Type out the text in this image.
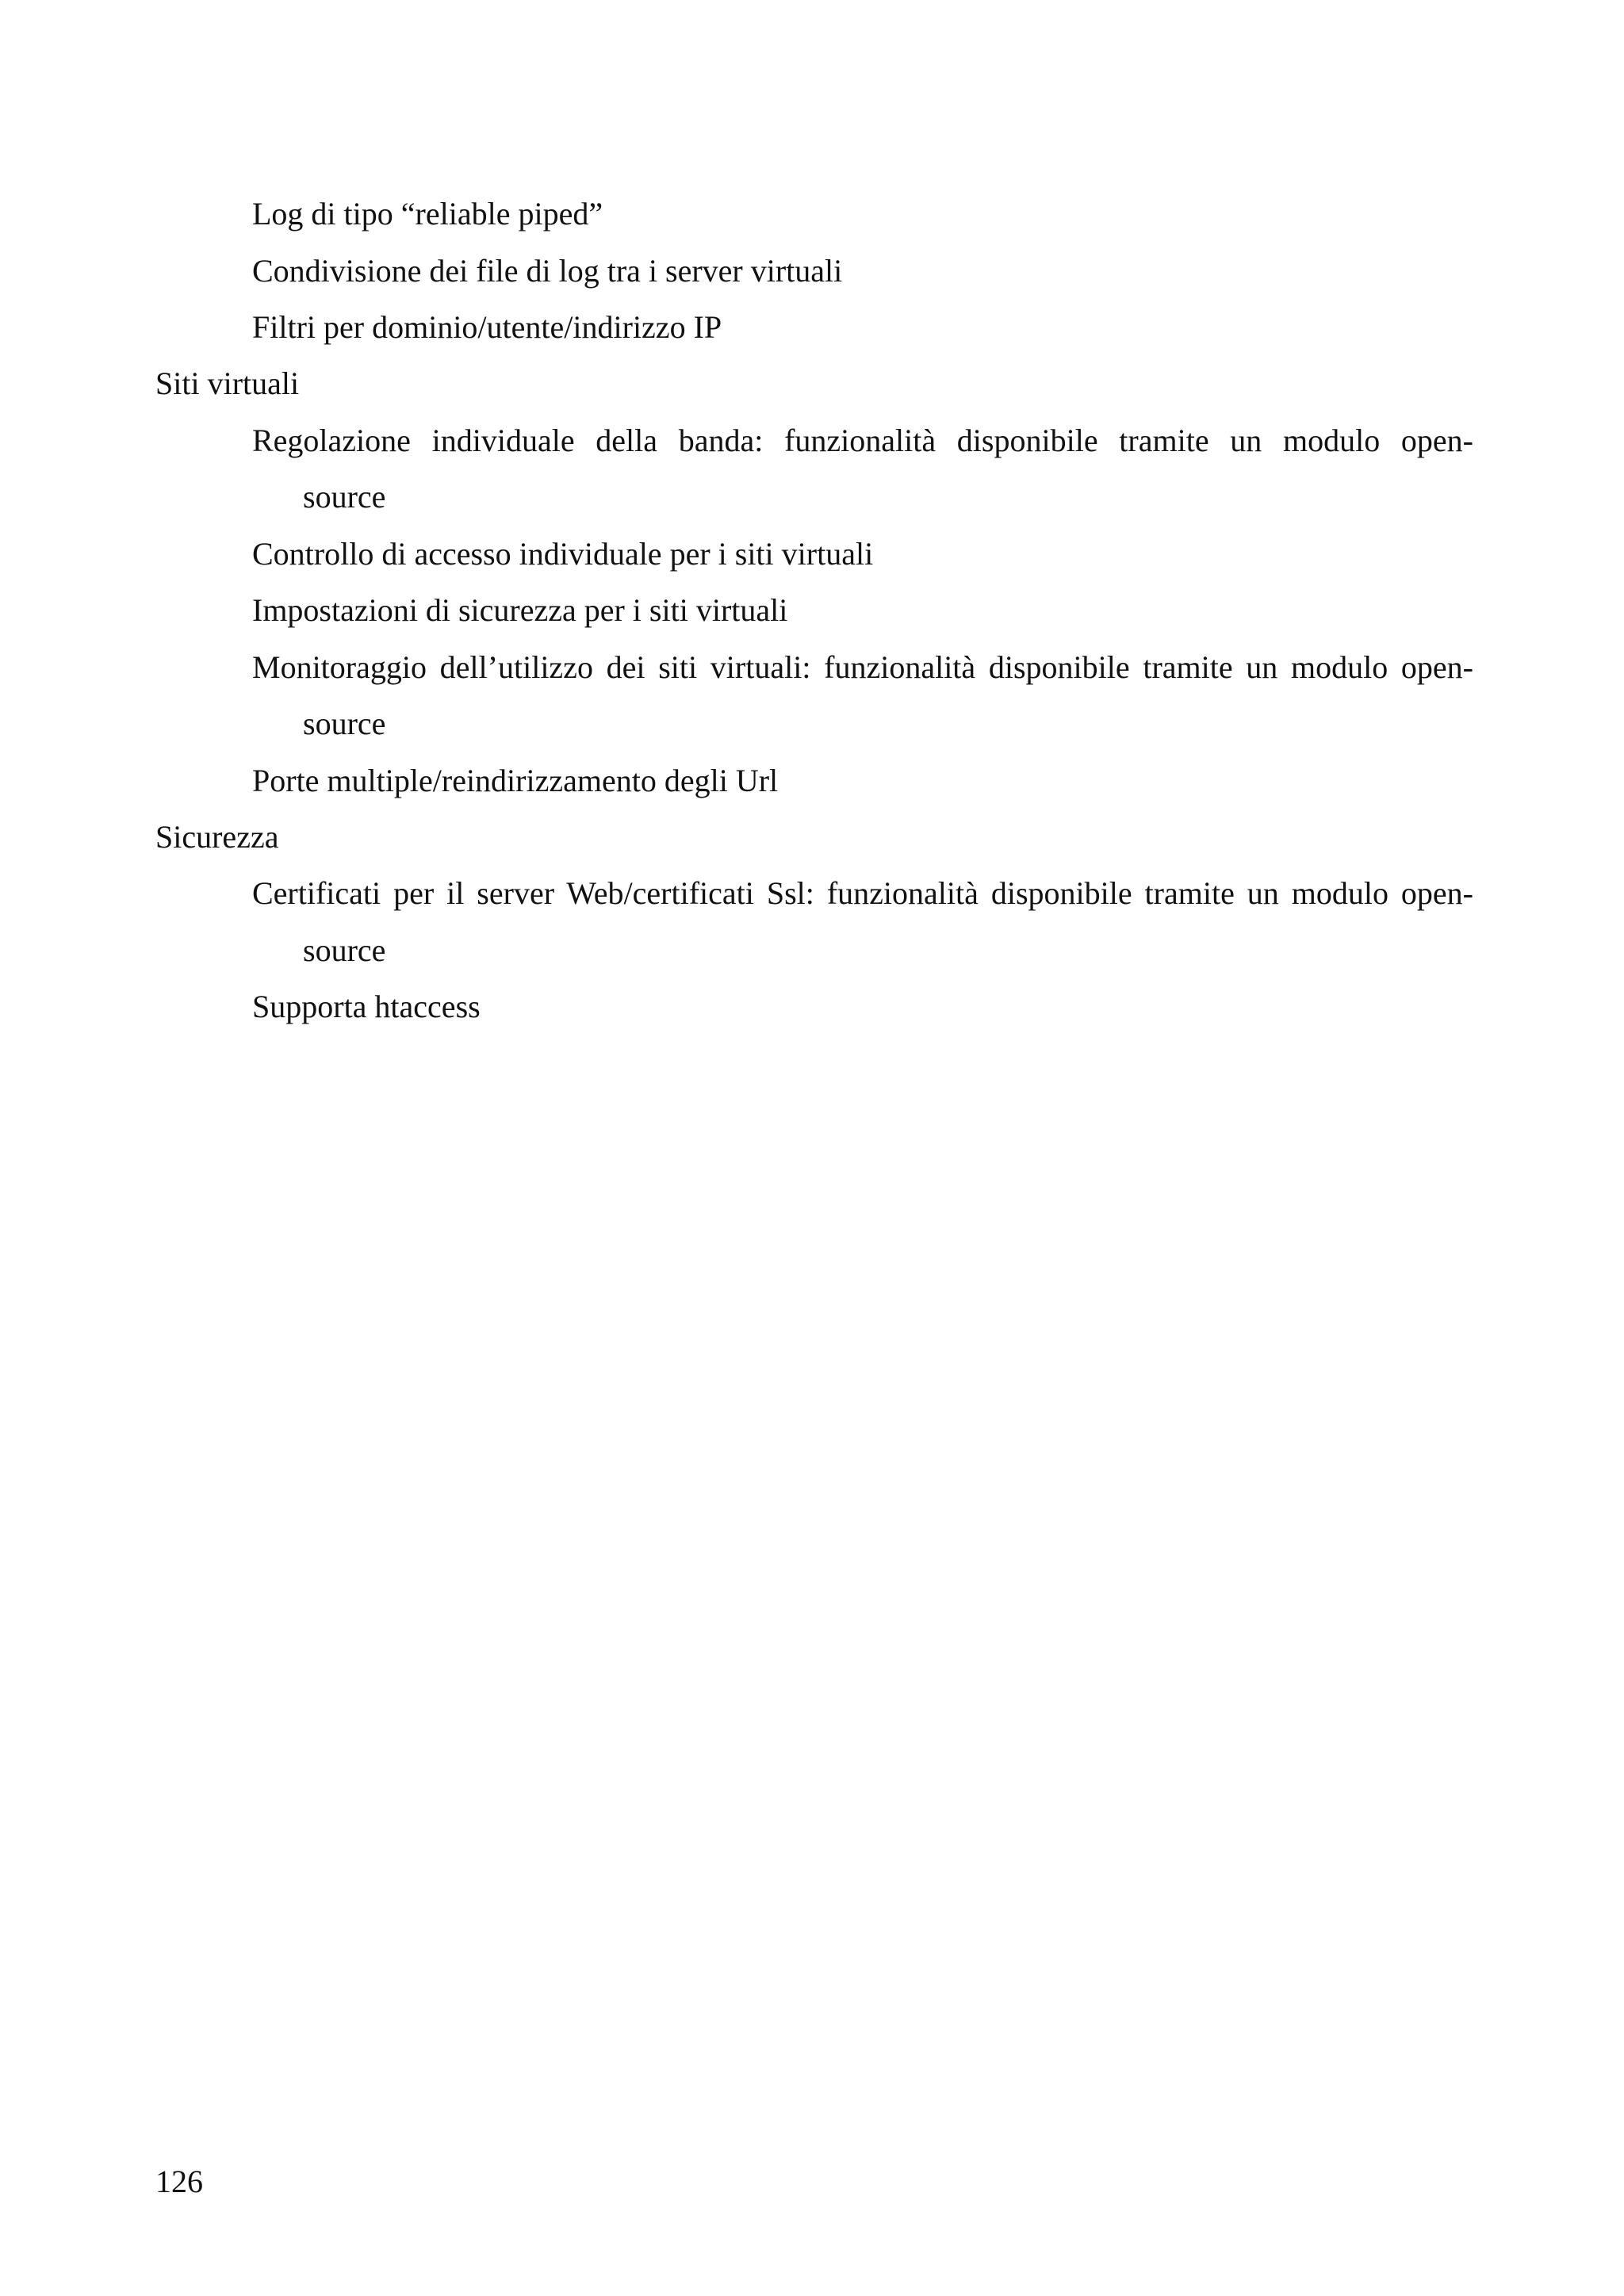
Log di tipo “reliable piped”
Condivisione dei file di log tra i server virtuali
Filtri per dominio/utente/indirizzo IP
Siti virtuali
Regolazione individuale della banda: funzionalità disponibile tramite un modulo open-
source
Controllo di accesso individuale per i siti virtuali
Impostazioni di sicurezza per i siti virtuali
Monitoraggio dell’utilizzo dei siti virtuali: funzionalità disponibile tramite un modulo open-
source
Porte multiple/reindirizzamento degli Url
Sicurezza
Certificati per il server Web/certificati Ssl: funzionalità disponibile tramite un modulo open-
source
Supporta htaccess
126
